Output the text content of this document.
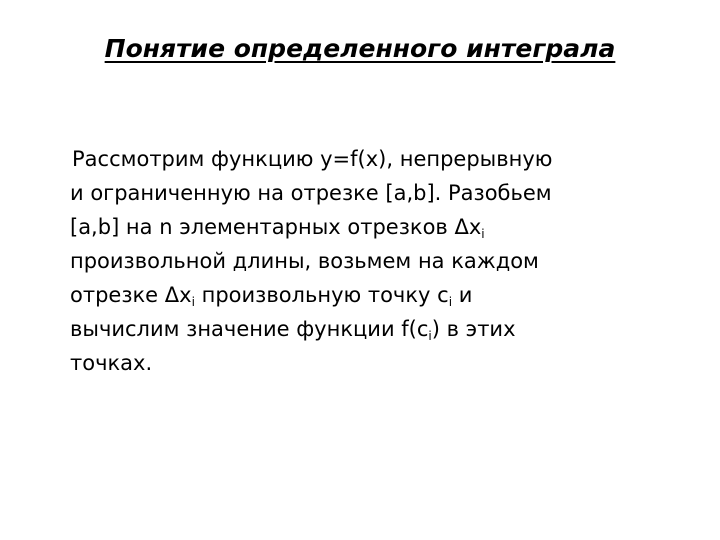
Понятие определенного интеграла
Рассмотрим функцию y=f(x), непрерывную
и ограниченную на отрезке [a,b]. Разобьем
[a,b] на n элементарных отрезков $\Delta x_i$
произвольной длины, возьмем на каждом
отрезке $\Delta x_i$ произвольную точку $c_i$ и
вычислим значение функции $f(c_i)$ в этих
точках.
